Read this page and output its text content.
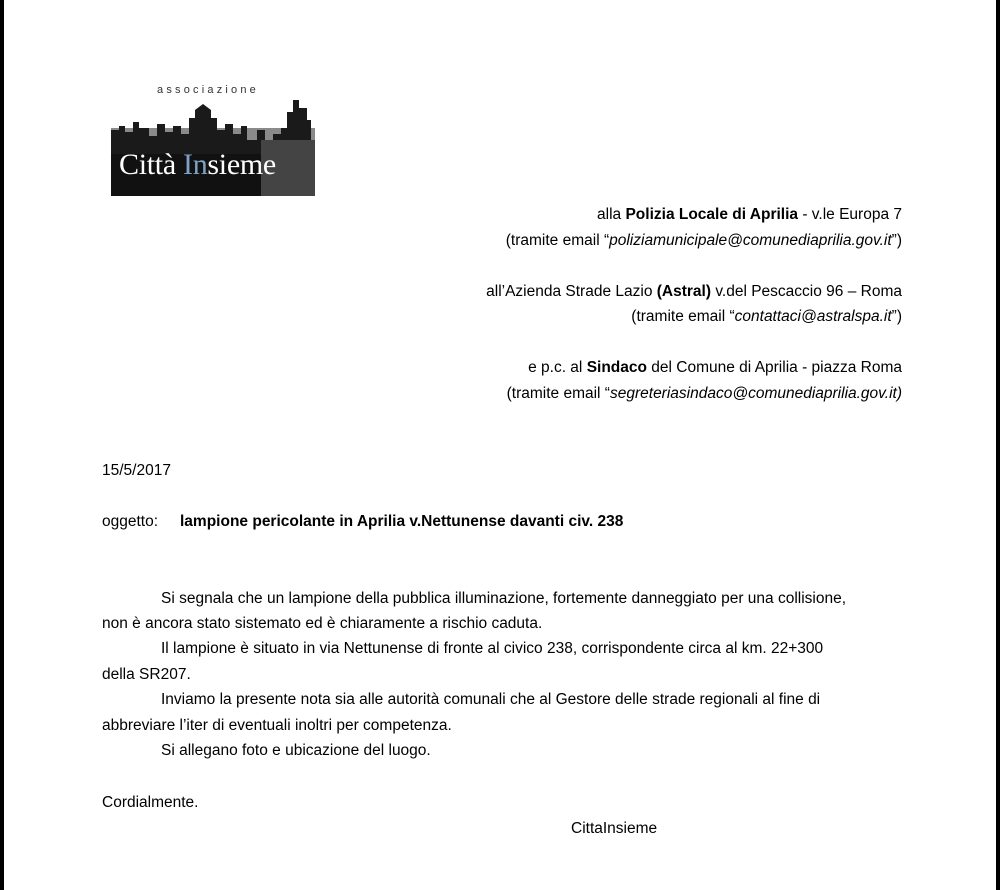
associazione
Città Insieme
alla Polizia Locale di Aprilia - v.le Europa 7
(tramite email “poliziamunicipale@comunediaprilia.gov.it”)
all’Azienda Strade Lazio (Astral) v.del Pescaccio 96 – Roma
(tramite email “contattaci@astralspa.it”)
e p.c. al Sindaco del Comune di Aprilia - piazza Roma
(tramite email “segreteriasindaco@comunediaprilia.gov.it)
15/5/2017
oggetto: lampione pericolante in Aprilia v.Nettunense davanti civ. 238
Si segnala che un lampione della pubblica illuminazione, fortemente danneggiato per una collisione,
non è ancora stato sistemato ed è chiaramente a rischio caduta.
Il lampione è situato in via Nettunense di fronte al civico 238, corrispondente circa al km. 22+300
della SR207.
Inviamo la presente nota sia alle autorità comunali che al Gestore delle strade regionali al fine di
abbreviare l’iter di eventuali inoltri per competenza.
Si allegano foto e ubicazione del luogo.
Cordialmente.
CittaInsieme
